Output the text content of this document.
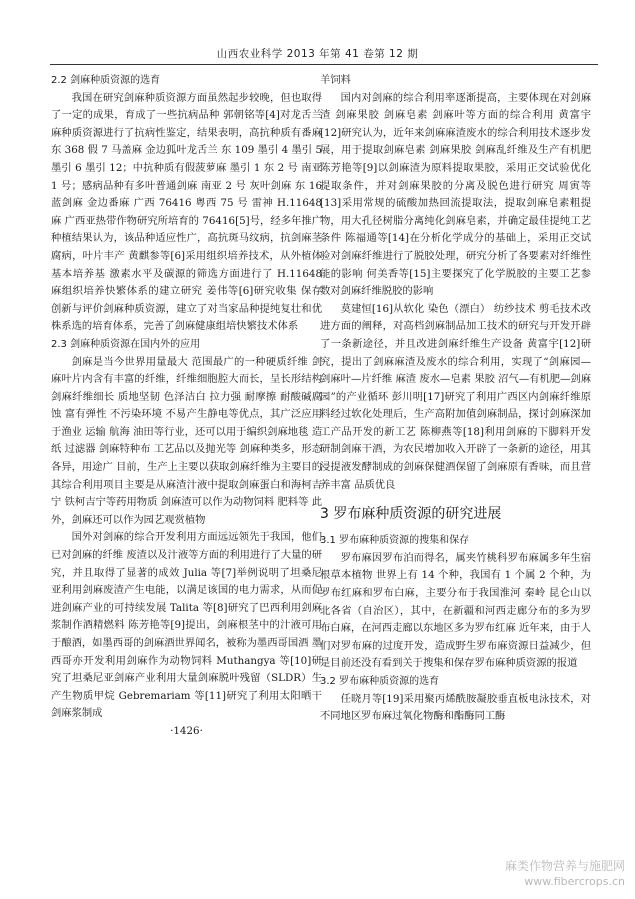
山西农业科学 2013 年第 41 卷第 12 期

2.2 剑麻种质资源的选育

我国在研究剑麻种质资源方面虽然起步较晚，但也取得了一定的成果，育成了一些抗病品种 郭朝铭等[4]对龙舌兰麻种质资源进行了抗病性鉴定，结果表明，高抗种质有番麻 东 368 假 7 马盖麻 金边狐叶龙舌兰 东 109 墨引 4 墨引 5 墨引 6 墨引 12；中抗种质有假菠萝麻 墨引 1 东 2 号 南亚 1 号；感病品种有多叶普通剑麻 南亚 2 号 灰叶剑麻 东 16 蓝剑麻 金边番麻 广西 76416 粤西 75 号 雷神 H.11648 麻 广西亚热带作物研究所培育的 76416[5]号，经多年推广种植结果认为，该品种适应性广，高抗斑马纹病，抗剑麻茎腐病，叶片丰产 黄麒参等[6]采用组织培养技术，从外植体 基本培养基 激素水平及碳源的筛选方面进行了 H.11648 麻组织培养快繁体系的建立研究 姜伟等[6]研究收集 保存 创新与评价剑麻种质资源，建立了对当家品种提纯复壮和优株系选的培育体系，完善了剑麻健康组培快繁技术体系

2.3 剑麻种质资源在国内外的应用

剑麻是当今世界用量最大 范围最广的一种硬质纤维 剑麻叶片内含有丰富的纤维，纤维细胞腔大而长，呈长形结构 剑麻纤维细长 质地坚韧 色泽洁白 拉力强 耐摩擦 耐酸碱腐蚀 富有弹性 不污染环境 不易产生静电等优点，其广泛应用于渔业 运输 航海 油田等行业，还可以用于编织剑麻地毯 造纸 过滤器 剑麻特种布 工艺品以及抛光等 剑麻种类多，形态各异，用途广 目前，生产上主要以获取剑麻纤维为主要目的 其综合利用项目主要是从麻渣汁液中提取剑麻蛋白和海柯吉宁 铁柯吉宁等药用物质 剑麻渣可以作为动物饲料 肥料等 此外，剑麻还可以作为园艺观赏植物

国外对剑麻的综合开发利用方面远远领先于我国，他们已对剑麻的纤维 废渣以及汁液等方面的利用进行了大量的研究，并且取得了显著的成效 Julia 等[7]举例说明了坦桑尼亚利用剑麻废渣产生电能，以满足该国的电力需求，从而促进剑麻产业的可持续发展 Talita 等[8]研究了巴西利用剑麻浆制作酒精燃料 陈芳艳等[9]提出，剑麻根茎中的汁液可用于酿酒，如墨西哥的剑麻酒世界闻名，被称为墨西哥国酒 墨西哥亦开发利用剑麻作为动物饲料 Muthangya 等[10]研究了坦桑尼亚剑麻产业利用大量剑麻脱叶残留（SLDR）生产生物质甲烷 Gebremariam 等[11]研究了利用太阳晒干剑麻浆制成

·1426·

羊饲料

国内对剑麻的综合利用率逐渐提高，主要体现在对剑麻渣 剑麻果胶 剑麻皂素 剑麻叶等方面的综合利用 黄富宇[12]研究认为，近年来剑麻麻渣废水的综合利用技术逐步发展，用于提取剑麻皂素 剑麻果胶 剑麻乱纤维及生产有机肥 陈芳艳等[9]以剑麻渣为原料提取果胶，采用正交试验优化提取条件，并对剑麻果胶的分离及脱色进行研究 周寅等[13]采用常规的硫酸加热回流提取法，提取剑麻皂素粗提物，用大孔径树脂分离纯化剑麻皂素，并确定最佳提纯工艺条件 陈福通等[14]在分析化学成分的基础上，采用正交试验对剑麻纤维进行了脱胶处理，研究分析了各要素对纤维性能的影响 何美香等[15]主要探究了化学脱胶的主要工艺参数对剑麻纤维脱胶的影响

莫建恒[16]从软化 染色（漂白） 纺纱技术 剪毛技术改进方面的阐释，对高档剑麻制品加工技术的研究与开发开辟了一条新途径，并且改进剑麻纤维生产设备 黄富宇[12]研究，提出了剑麻麻渣及废水的综合利用，实现了“剑麻园—剑麻叶—片纤维 麻渣 废水—皂素 果胶 沼气—有机肥—剑麻园”的产业循环 彭川明[17]研究了利用广西区内剑麻纤维原料经过软化处理后，生产高附加值剑麻制品，探讨剑麻深加工产品开发的新工艺 陈柳燕等[18]利用剑麻的下脚料开发研制剑麻干酒，为农民增加收入开辟了一条新的途径，用其浸提液发酵制成的剑麻保健酒保留了剑麻原有香味，而且营养丰富 品质优良

3 罗布麻种质资源的研究进展

3.1 罗布麻种质资源的搜集和保存

罗布麻因罗布泊而得名，属夹竹桃科罗布麻属多年生宿根草本植物 世界上有 14 个种，我国有 1 个属 2 个种，为罗布红麻和罗布白麻，主要分布于我国淮河 秦岭 昆仑山以北各省（自治区），其中，在新疆和河西走廊分布的多为罗布白麻，在河西走廊以东地区多为罗布红麻 近年来，由于人们对罗布麻的过度开发，造成野生罗布麻资源日益减少，但是目前还没有看到关于搜集和保存罗布麻种质资源的报道

3.2 罗布麻种质资源的选育

任晓月等[19]采用聚丙烯酰胺凝胶垂直板电泳技术，对不同地区罗布麻过氧化物酶和酯酶同工酶

麻类作物营养与施肥网
www.fibercrops.cn
